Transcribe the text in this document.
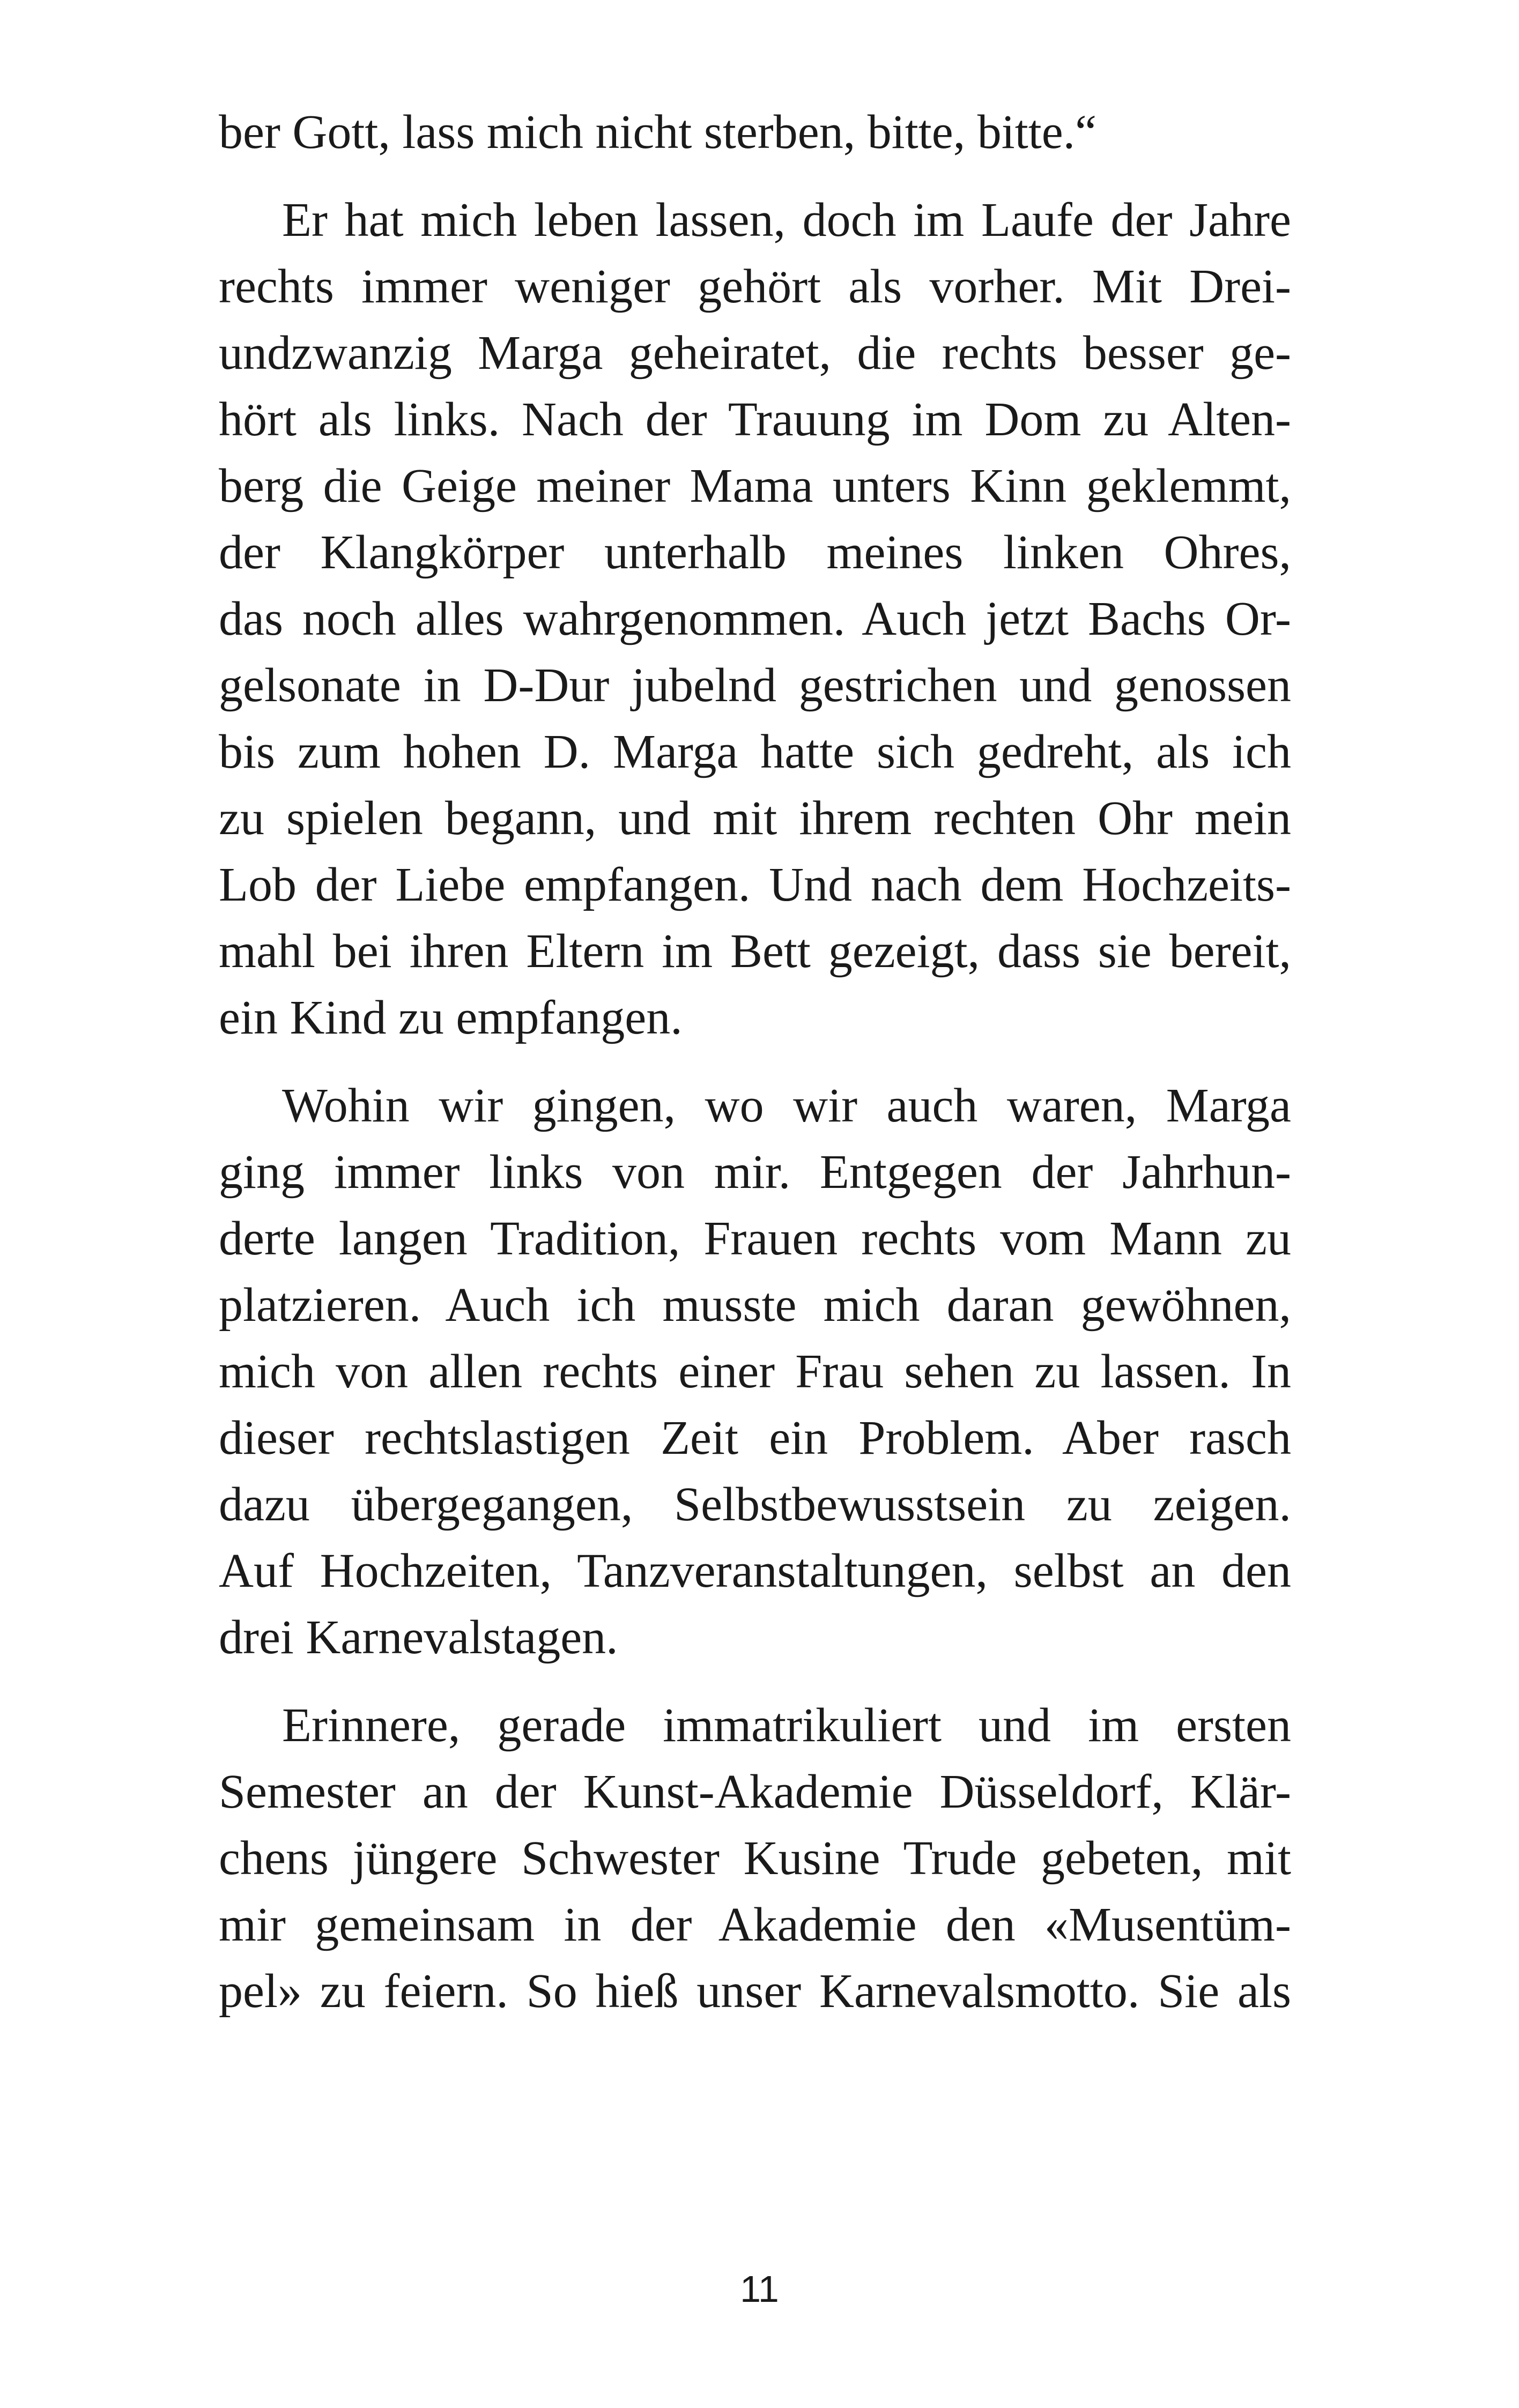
ber Gott, lass mich nicht sterben, bitte, bitte.“
Er hat mich leben lassen, doch im Laufe der Jahre
rechts immer weniger gehört als vorher. Mit Drei-
undzwanzig Marga geheiratet, die rechts besser ge-
hört als links. Nach der Trauung im Dom zu Alten-
berg die Geige meiner Mama unters Kinn geklemmt,
der Klangkörper unterhalb meines linken Ohres,
das noch alles wahrgenommen. Auch jetzt Bachs Or-
gelsonate in D-Dur jubelnd gestrichen und genossen
bis zum hohen D. Marga hatte sich gedreht, als ich
zu spielen begann, und mit ihrem rechten Ohr mein
Lob der Liebe empfangen. Und nach dem Hochzeits-
mahl bei ihren Eltern im Bett gezeigt, dass sie bereit,
ein Kind zu empfangen.
Wohin wir gingen, wo wir auch waren, Marga
ging immer links von mir. Entgegen der Jahrhun-
derte langen Tradition, Frauen rechts vom Mann zu
platzieren. Auch ich musste mich daran gewöhnen,
mich von allen rechts einer Frau sehen zu lassen. In
dieser rechtslastigen Zeit ein Problem. Aber rasch
dazu übergegangen, Selbstbewusstsein zu zeigen.
Auf Hochzeiten, Tanzveranstaltungen, selbst an den
drei Karnevalstagen.
Erinnere, gerade immatrikuliert und im ersten
Semester an der Kunst-Akademie Düsseldorf, Klär-
chens jüngere Schwester Kusine Trude gebeten, mit
mir gemeinsam in der Akademie den «Musentüm-
pel» zu feiern. So hieß unser Karnevalsmotto. Sie als
11
